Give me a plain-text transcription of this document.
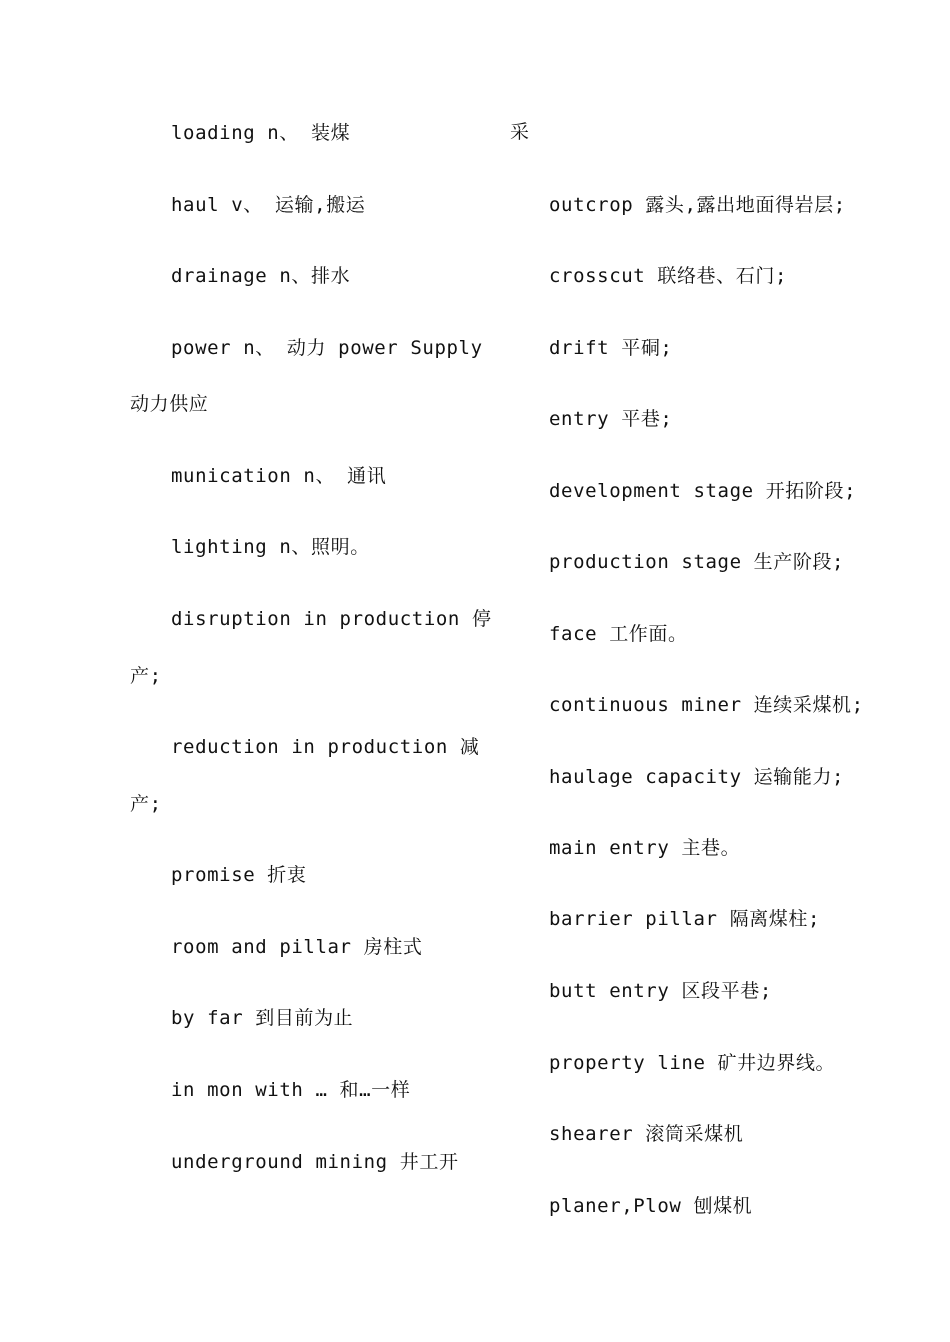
loading n、 装煤
haul v、 运输,搬运
drainage n、排水
power n、 动力 power Supply
动力供应
munication n、 通讯
lighting n、照明。
disruption in production 停
产;
reduction in production 减
产;
promise 折衷
room and pillar 房柱式
by far 到目前为止
in mon with … 和…一样
underground mining 井工开
采
outcrop 露头,露出地面得岩层;
crosscut 联络巷、石门;
drift 平硐;
entry 平巷;
development stage 开拓阶段;
production stage 生产阶段;
face 工作面。
continuous miner 连续采煤机;
haulage capacity 运输能力;
main entry 主巷。
barrier pillar 隔离煤柱;
butt entry 区段平巷;
property line 矿井边界线。
shearer 滚筒采煤机
planer,Plow 刨煤机
